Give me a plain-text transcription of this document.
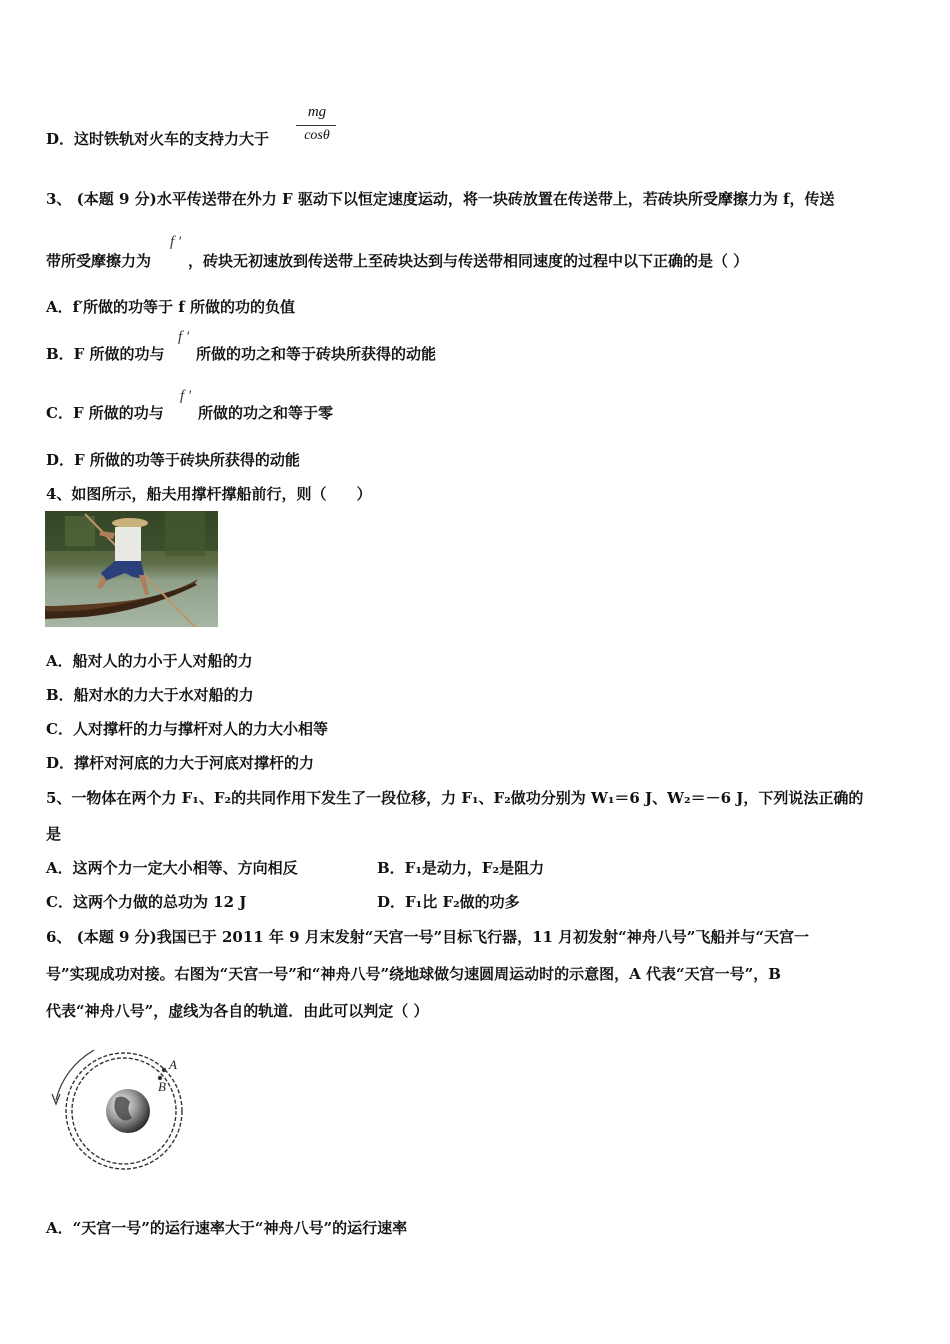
D．这时铁轨对火车的支持力大于
mg
cosθ
3、 (本题 9 分)水平传送带在外力 F 驱动下以恒定速度运动，将一块砖放置在传送带上，若砖块所受摩擦力为 f，传送
f ′
带所受摩擦力为 ，砖块无初速放到传送带上至砖块达到与传送带相同速度的过程中以下正确的是（ ）
A．f′所做的功等于 f 所做的功的负值
f ′
B．F 所做的功与 所做的功之和等于砖块所获得的动能
f ′
C．F 所做的功与 所做的功之和等于零
D．F 所做的功等于砖块所获得的动能
4、如图所示，船夫用撑杆撑船前行，则（　　）
A．船对人的力小于人对船的力
B．船对水的力大于水对船的力
C．人对撑杆的力与撑杆对人的力大小相等
D．撑杆对河底的力大于河底对撑杆的力
5、一物体在两个力 F₁、F₂的共同作用下发生了一段位移，力 F₁、F₂做功分别为 W₁＝6 J、W₂＝－6 J，下列说法正确的
是
A．这两个力一定大小相等、方向相反	B．F₁是动力，F₂是阻力
C．这两个力做的总功为 12 J	D．F₁比 F₂做的功多
6、 (本题 9 分)我国已于 2011 年 9 月末发射“天宫一号”目标飞行器，11 月初发射“神舟八号”飞船并与“天宫一
号”实现成功对接。右图为“天宫一号”和“神舟八号”绕地球做匀速圆周运动时的示意图，A 代表“天宫一号”，B
代表“神舟八号”，虚线为各自的轨道．由此可以判定（ ）
A
B
A．“天宫一号”的运行速率大于“神舟八号”的运行速率
